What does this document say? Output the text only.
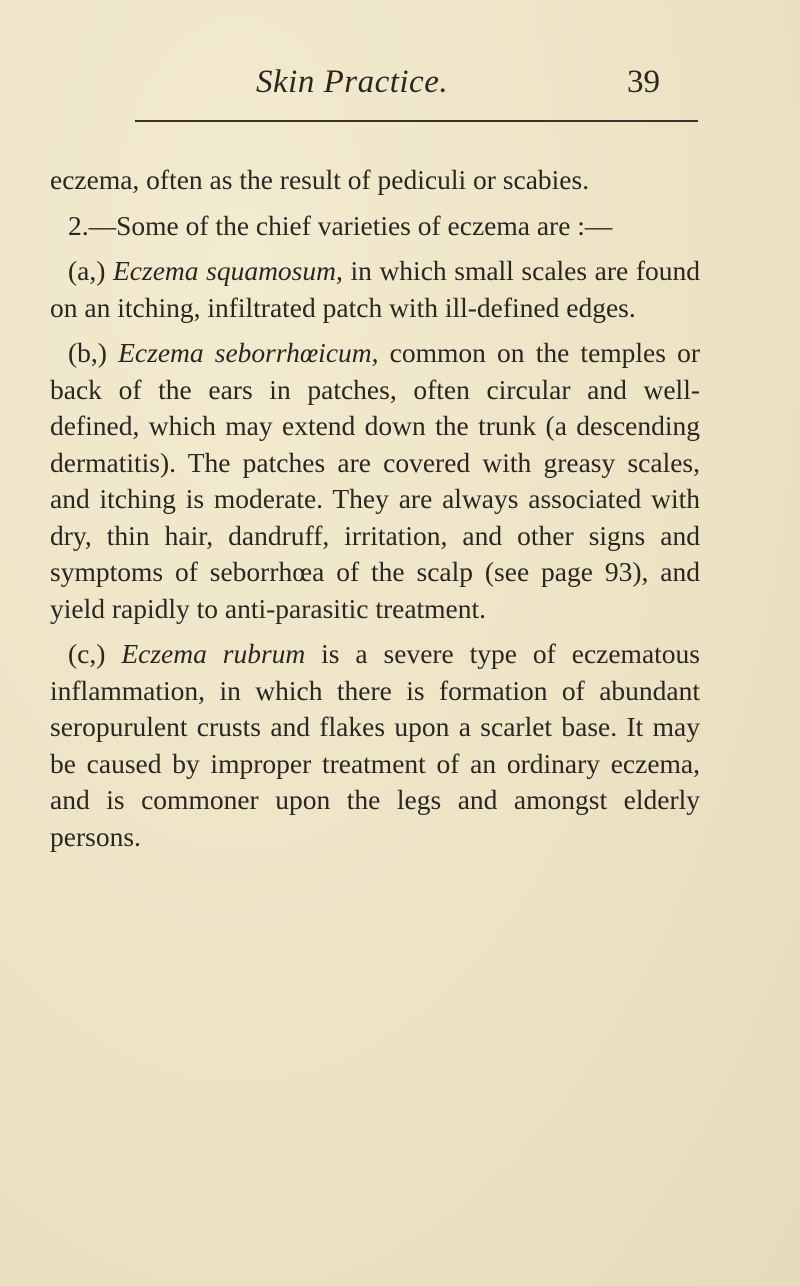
Skin Practice.	39

eczema, often as the result of pediculi or scabies.

2.—Some of the chief varieties of eczema are :—

(a,) Eczema squamosum, in which small scales are found on an itching, infiltrated patch with ill-defined edges.

(b,) Eczema seborrhœicum, common on the temples or back of the ears in patches, often circular and well-defined, which may extend down the trunk (a descending dermatitis). The patches are covered with greasy scales, and itching is moderate. They are always associated with dry, thin hair, dandruff, irritation, and other signs and symptoms of seborrhœa of the scalp (see page 93), and yield rapidly to anti-parasitic treatment.

(c,) Eczema rubrum is a severe type of eczematous inflammation, in which there is formation of abundant seropurulent crusts and flakes upon a scarlet base. It may be caused by improper treatment of an ordinary eczema, and is commoner upon the legs and amongst elderly persons.
